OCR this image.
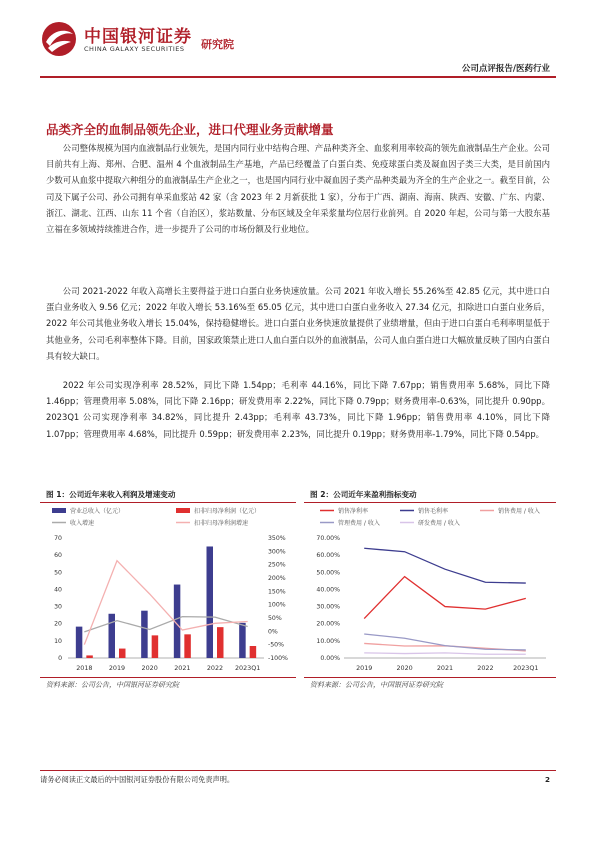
中国银河证券
CHINA GALAXY SECURITIES 研究院
公司点评报告/医药行业
品类齐全的血制品领先企业，进口代理业务贡献增量
公司整体规模为国内血液制品行业领先，是国内同行业中结构合理、产品种类齐全、血浆利用率较高的领先血液制品生产企业。公司目前共有上海、郑州、合肥、温州 4 个血液制品生产基地，产品已经覆盖了白蛋白类、免疫球蛋白类及凝血因子类三大类，是目前国内少数可从血浆中提取六种组分的血液制品生产企业之一，也是国内同行业中凝血因子类产品种类最为齐全的生产企业之一。截至目前，公司及下属子公司、孙公司拥有单采血浆站 42 家（含 2023 年 2 月新获批 1 家），分布于广西、湖南、海南、陕西、安徽、广东、内蒙、浙江、湖北、江西、山东 11 个省（自治区），浆站数量、分布区域及全年采浆量均位居行业前列。自 2020 年起，公司与第一大股东基立福在多领域持续推进合作，进一步提升了公司的市场份额及行业地位。
公司 2021-2022 年收入高增长主要得益于进口白蛋白业务快速放量。公司 2021 年收入增长 55.26%至 42.85 亿元，其中进口白蛋白业务收入 9.56 亿元；2022 年收入增长 53.16%至 65.05 亿元，其中进口白蛋白业务收入 27.34 亿元，扣除进口白蛋白业务后，2022 年公司其他业务收入增长 15.04%，保持稳健增长。进口白蛋白业务快速放量提供了业绩增量，但由于进口白蛋白毛利率明显低于其他业务，公司毛利率整体下降。目前，国家政策禁止进口人血白蛋白以外的血液制品，公司人血白蛋白进口大幅放量反映了国内白蛋白具有较大缺口。
2022 年公司实现净利率 28.52%，同比下降 1.54pp；毛利率 44.16%，同比下降 7.67pp；销售费用率 5.68%，同比下降 1.46pp；管理费用率 5.08%，同比下降 2.16pp；研发费用率 2.22%，同比下降 0.79pp；财务费用率-0.63%，同比提升 0.90pp。2023Q1 公司实现净利率 34.82%，同比提升 2.43pp；毛利率 43.73%，同比下降 1.96pp；销售费用率 4.10%，同比下降 1.07pp；管理费用率 4.68%，同比提升 0.59pp；研发费用率 2.23%，同比提升 0.19pp；财务费用率-1.79%，同比下降 0.54pp。
图 1：公司近年来收入利润及增速变动
营业总收入（亿元）	扣非归母净利润（亿元）
收入增速	扣非归母净利润增速
0
10
20
30
40
50
60
70
-100%
-50%
0%
50%
100%
150%
200%
250%
300%
350%
2018	2019	2020	2021	2022 2023Q1
资料来源：公司公告，中国银河证券研究院
图 2：公司近年来盈利指标变动
销售净利率	销售毛利率	销售费用 / 收入
管理费用 / 收入	研发费用 / 收入
0.00%
10.00%
20.00%
30.00%
40.00%
50.00%
60.00%
70.00%
2019	2020	2021	2022	2023Q1
资料来源：公司公告，中国银河证券研究院
请务必阅读正文最后的中国银河证券股份有限公司免责声明。	2
